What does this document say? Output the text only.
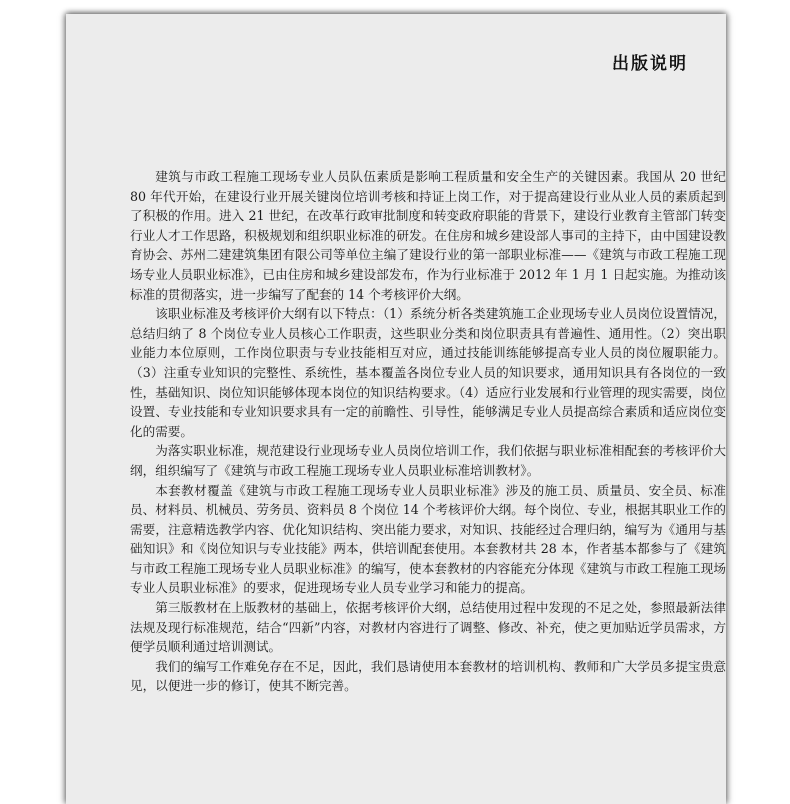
出版说明

建筑与市政工程施工现场专业人员队伍素质是影响工程质量和安全生产的关键因素。我国从 20 世纪 80 年代开始，在建设行业开展关键岗位培训考核和持证上岗工作，对于提高建设行业从业人员的素质起到了积极的作用。进入 21 世纪，在改革行政审批制度和转变政府职能的背景下，建设行业教育主管部门转变行业人才工作思路，积极规划和组织职业标准的研发。在住房和城乡建设部人事司的主持下，由中国建设教育协会、苏州二建建筑集团有限公司等单位主编了建设行业的第一部职业标准——《建筑与市政工程施工现场专业人员职业标准》，已由住房和城乡建设部发布，作为行业标准于 2012 年 1 月 1 日起实施。为推动该标准的贯彻落实，进一步编写了配套的 14 个考核评价大纲。

该职业标准及考核评价大纲有以下特点：（1）系统分析各类建筑施工企业现场专业人员岗位设置情况，总结归纳了 8 个岗位专业人员核心工作职责，这些职业分类和岗位职责具有普遍性、通用性。（2）突出职业能力本位原则，工作岗位职责与专业技能相互对应，通过技能训练能够提高专业人员的岗位履职能力。（3）注重专业知识的完整性、系统性，基本覆盖各岗位专业人员的知识要求，通用知识具有各岗位的一致性，基础知识、岗位知识能够体现本岗位的知识结构要求。（4）适应行业发展和行业管理的现实需要，岗位设置、专业技能和专业知识要求具有一定的前瞻性、引导性，能够满足专业人员提高综合素质和适应岗位变化的需要。

为落实职业标准，规范建设行业现场专业人员岗位培训工作，我们依据与职业标准相配套的考核评价大纲，组织编写了《建筑与市政工程施工现场专业人员职业标准培训教材》。

本套教材覆盖《建筑与市政工程施工现场专业人员职业标准》涉及的施工员、质量员、安全员、标准员、材料员、机械员、劳务员、资料员 8 个岗位 14 个考核评价大纲。每个岗位、专业，根据其职业工作的需要，注意精选教学内容、优化知识结构、突出能力要求，对知识、技能经过合理归纳，编写为《通用与基础知识》和《岗位知识与专业技能》两本，供培训配套使用。本套教材共 28 本，作者基本都参与了《建筑与市政工程施工现场专业人员职业标准》的编写，使本套教材的内容能充分体现《建筑与市政工程施工现场专业人员职业标准》的要求，促进现场专业人员专业学习和能力的提高。

第三版教材在上版教材的基础上，依据考核评价大纲，总结使用过程中发现的不足之处，参照最新法律法规及现行标准规范，结合“四新”内容，对教材内容进行了调整、修改、补充，使之更加贴近学员需求，方便学员顺利通过培训测试。

我们的编写工作难免存在不足，因此，我们恳请使用本套教材的培训机构、教师和广大学员多提宝贵意见，以便进一步的修订，使其不断完善。
